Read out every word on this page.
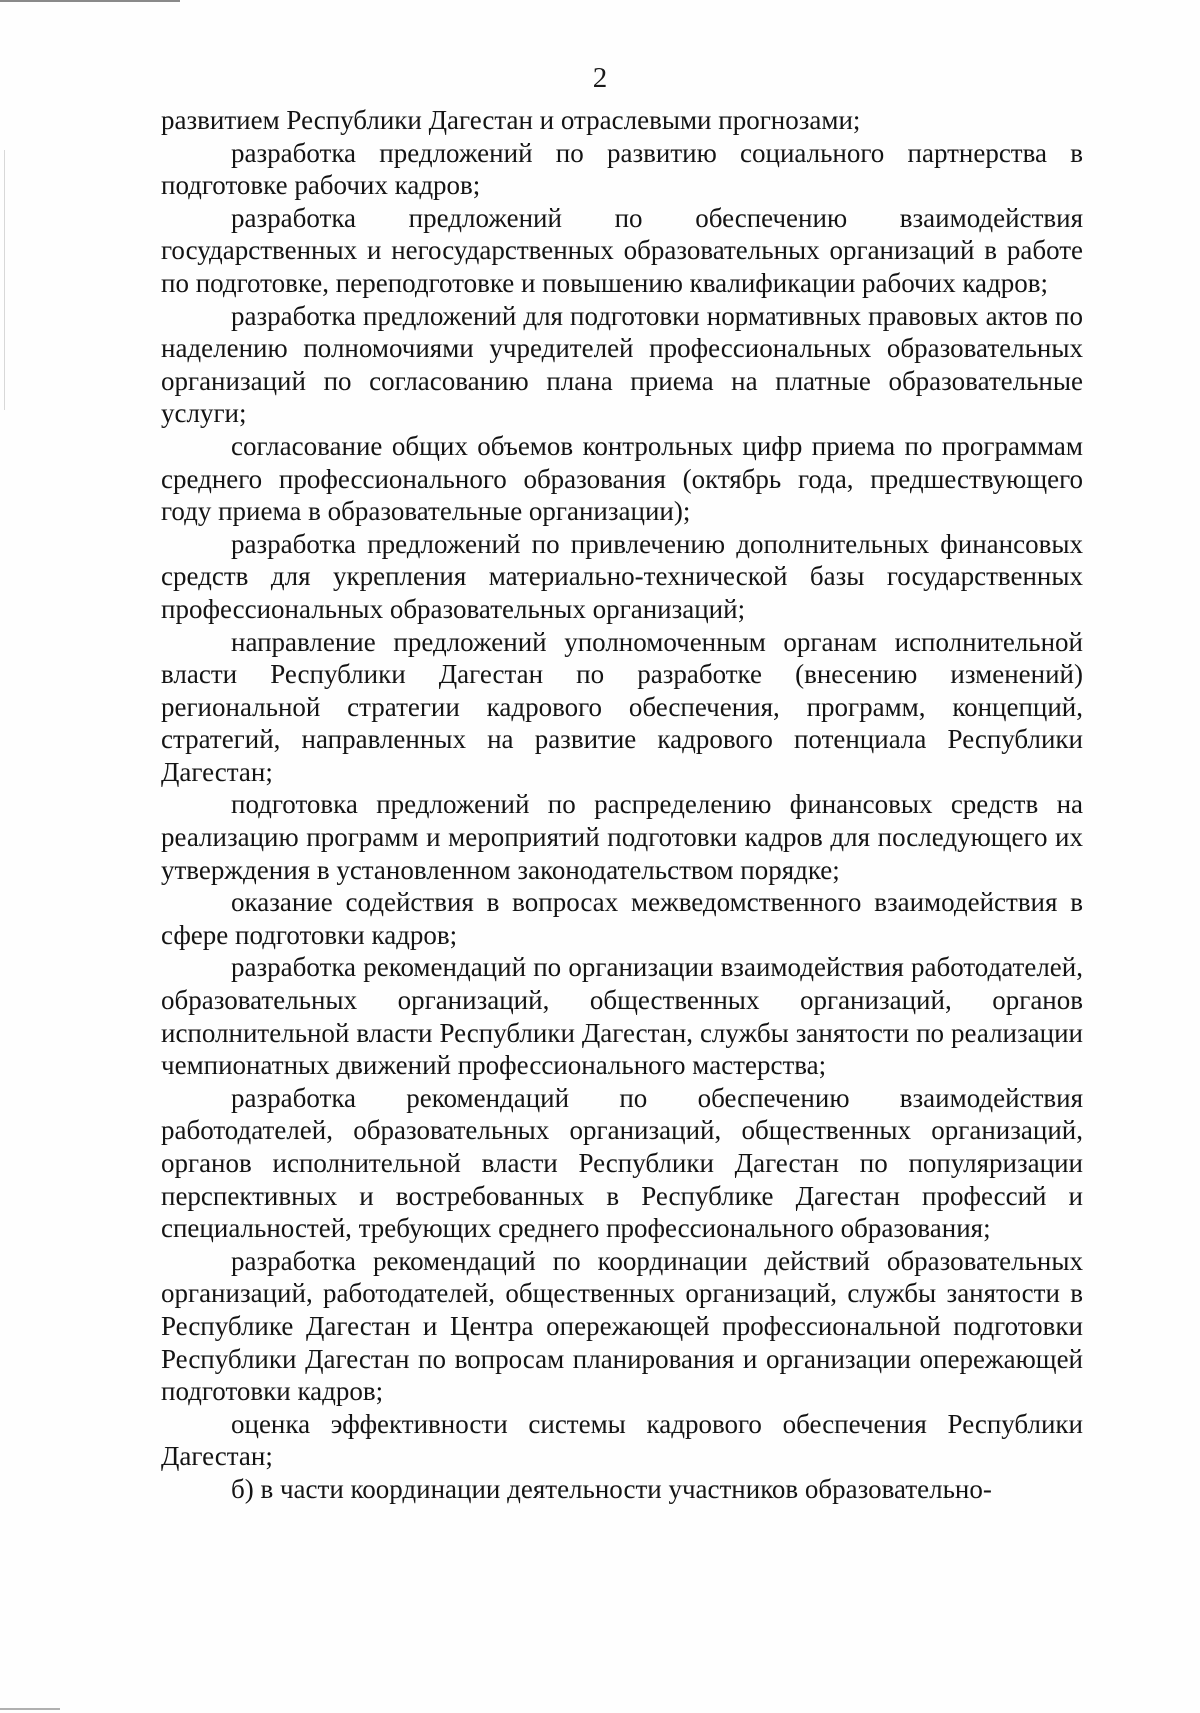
2

развитием Республики Дагестан и отраслевыми прогнозами;

разработка предложений по развитию социального партнерства в подготовке рабочих кадров;

разработка предложений по обеспечению взаимодействия государственных и негосударственных образовательных организаций в работе по подготовке, переподготовке и повышению квалификации рабочих кадров;

разработка предложений для подготовки нормативных правовых актов по наделению полномочиями учредителей профессиональных образовательных организаций по согласованию плана приема на платные образовательные услуги;

согласование общих объемов контрольных цифр приема по программам среднего профессионального образования (октябрь года, предшествующего году приема в образовательные организации);

разработка предложений по привлечению дополнительных финансовых средств для укрепления материально-технической базы государственных профессиональных образовательных организаций;

направление предложений уполномоченным органам исполнительной власти Республики Дагестан по разработке (внесению изменений) региональной стратегии кадрового обеспечения, программ, концепций, стратегий, направленных на развитие кадрового потенциала Республики Дагестан;

подготовка предложений по распределению финансовых средств на реализацию программ и мероприятий подготовки кадров для последующего их утверждения в установленном законодательством порядке;

оказание содействия в вопросах межведомственного взаимодействия в сфере подготовки кадров;

разработка рекомендаций по организации взаимодействия работодателей, образовательных организаций, общественных организаций, органов исполнительной власти Республики Дагестан, службы занятости по реализации чемпионатных движений профессионального мастерства;

разработка рекомендаций по обеспечению взаимодействия работодателей, образовательных организаций, общественных организаций, органов исполнительной власти Республики Дагестан по популяризации перспективных и востребованных в Республике Дагестан профессий и специальностей, требующих среднего профессионального образования;

разработка рекомендаций по координации действий образовательных организаций, работодателей, общественных организаций, службы занятости в Республике Дагестан и Центра опережающей профессиональной подготовки Республики Дагестан по вопросам планирования и организации опережающей подготовки кадров;

оценка эффективности системы кадрового обеспечения Республики Дагестан;

б) в части координации деятельности участников образовательно-
